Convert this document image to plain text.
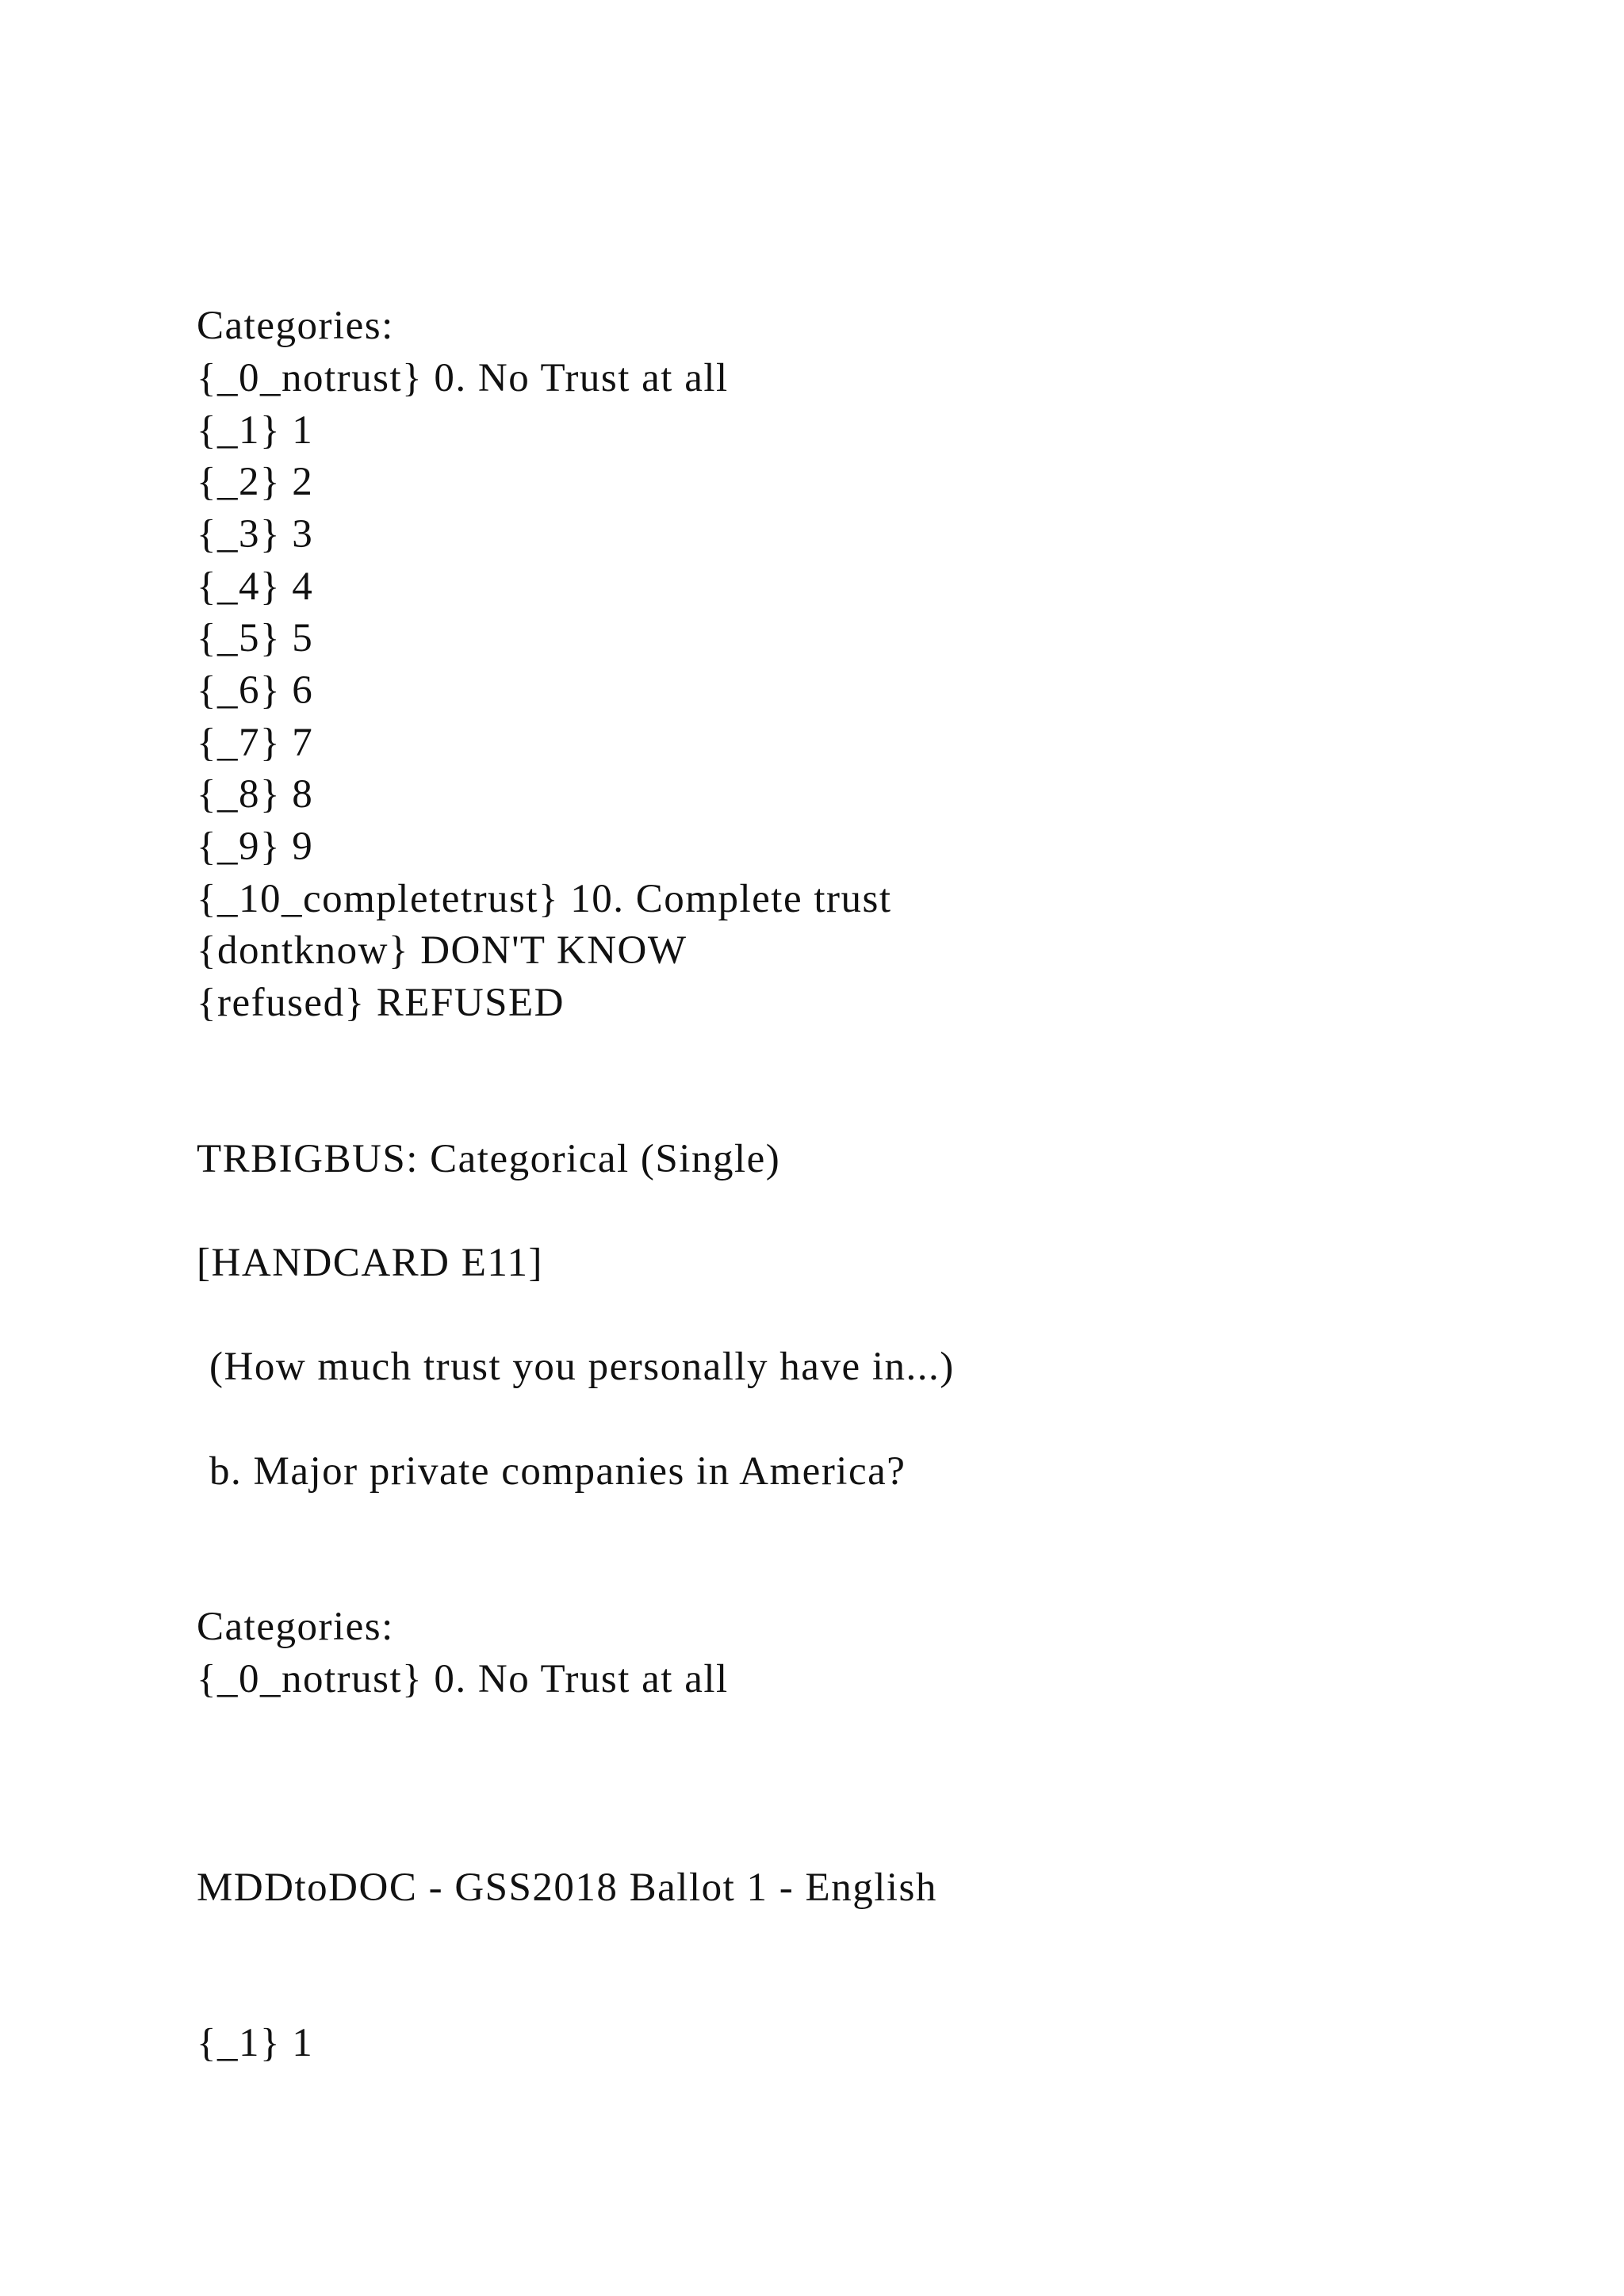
Categories:
{_0_notrust} 0. No Trust at all
{_1} 1
{_2} 2
{_3} 3
{_4} 4
{_5} 5
{_6} 6
{_7} 7
{_8} 8
{_9} 9
{_10_completetrust} 10. Complete trust
{dontknow} DON'T KNOW
{refused} REFUSED
TRBIGBUS: Categorical (Single)
[HANDCARD E11]
(How much trust you personally have in...)
b. Major private companies in America?
Categories:
{_0_notrust} 0. No Trust at all
MDDtoDOC - GSS2018 Ballot 1 - English
{_1} 1
